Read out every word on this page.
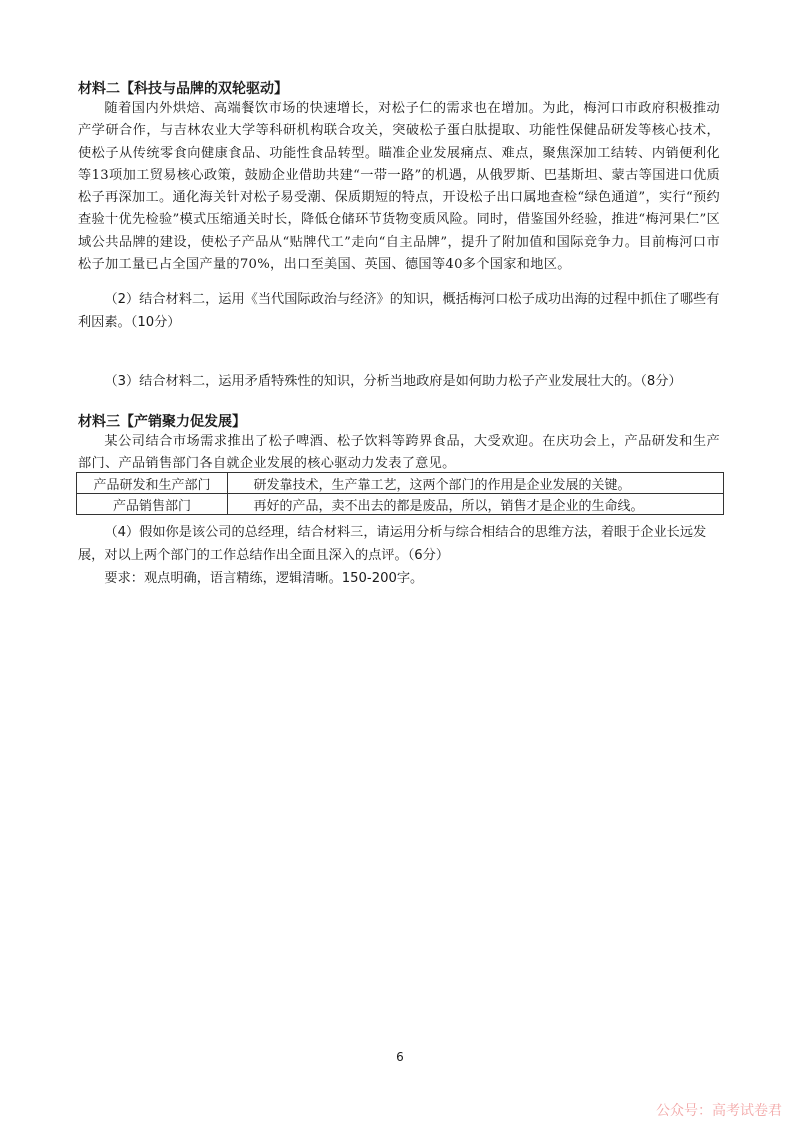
材料二【科技与品牌的双轮驱动】

随着国内外烘焙、高端餐饮市场的快速增长，对松子仁的需求也在增加。为此，梅河口市政府积极推动产学研合作，与吉林农业大学等科研机构联合攻关，突破松子蛋白肽提取、功能性保健品研发等核心技术，使松子从传统零食向健康食品、功能性食品转型。瞄准企业发展痛点、难点，聚焦深加工结转、内销便利化等13项加工贸易核心政策，鼓励企业借助共建“一带一路”的机遇，从俄罗斯、巴基斯坦、蒙古等国进口优质松子再深加工。通化海关针对松子易受潮、保质期短的特点，开设松子出口属地查检“绿色通道”，实行“预约查验十优先检验”模式压缩通关时长，降低仓储环节货物变质风险。同时，借鉴国外经验，推进“梅河果仁”区域公共品牌的建设，使松子产品从“贴牌代工”走向“自主品牌”，提升了附加值和国际竞争力。目前梅河口市松子加工量已占全国产量的70%，出口至美国、英国、德国等40多个国家和地区。

（2）结合材料二，运用《当代国际政治与经济》的知识，概括梅河口松子成功出海的过程中抓住了哪些有利因素。（10分）

（3）结合材料二，运用矛盾特殊性的知识，分析当地政府是如何助力松子产业发展壮大的。（8分）

材料三【产销聚力促发展】

某公司结合市场需求推出了松子啤酒、松子饮料等跨界食品，大受欢迎。在庆功会上，产品研发和生产部门、产品销售部门各自就企业发展的核心驱动力发表了意见。

产品研发和生产部门	研发靠技术，生产靠工艺，这两个部门的作用是企业发展的关键。
产品销售部门	再好的产品，卖不出去的都是废品，所以，销售才是企业的生命线。

（4）假如你是该公司的总经理，结合材料三，请运用分析与综合相结合的思维方法，着眼于企业长远发展，对以上两个部门的工作总结作出全面且深入的点评。（6分）

要求：观点明确，语言精练，逻辑清晰。150-200字。

6
公众号：高考试卷君
